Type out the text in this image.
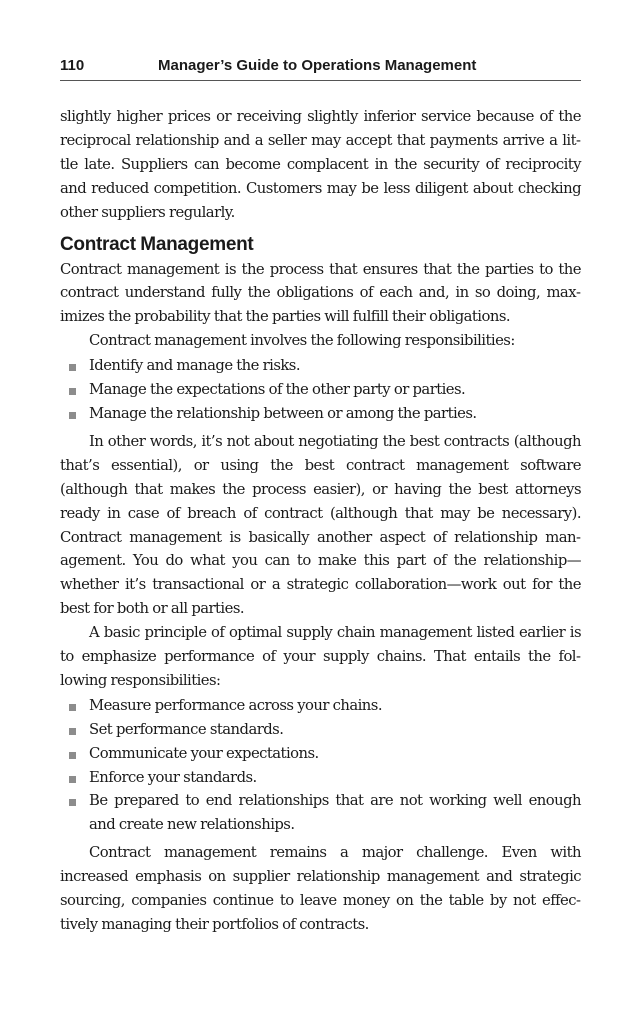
110	Manager’s Guide to Operations Management

slightly higher prices or receiving slightly inferior service because of the reciprocal relationship and a seller may accept that payments arrive a little late. Suppliers can become complacent in the security of reciprocity and reduced competition. Customers may be less diligent about checking other suppliers regularly.

Contract Management

Contract management is the process that ensures that the parties to the contract understand fully the obligations of each and, in so doing, maximizes the probability that the parties will fulfill their obligations.

Contract management involves the following responsibilities:

Identify and manage the risks.
Manage the expectations of the other party or parties.
Manage the relationship between or among the parties.

In other words, it’s not about negotiating the best contracts (although that’s essential), or using the best contract management software (although that makes the process easier), or having the best attorneys ready in case of breach of contract (although that may be necessary). Contract management is basically another aspect of relationship management. You do what you can to make this part of the relationship— whether it’s transactional or a strategic collaboration—work out for the best for both or all parties.

A basic principle of optimal supply chain management listed earlier is to emphasize performance of your supply chains. That entails the following responsibilities:

Measure performance across your chains.
Set performance standards.
Communicate your expectations.
Enforce your standards.
Be prepared to end relationships that are not working well enough and create new relationships.

Contract management remains a major challenge. Even with increased emphasis on supplier relationship management and strategic sourcing, companies continue to leave money on the table by not effectively managing their portfolios of contracts.
